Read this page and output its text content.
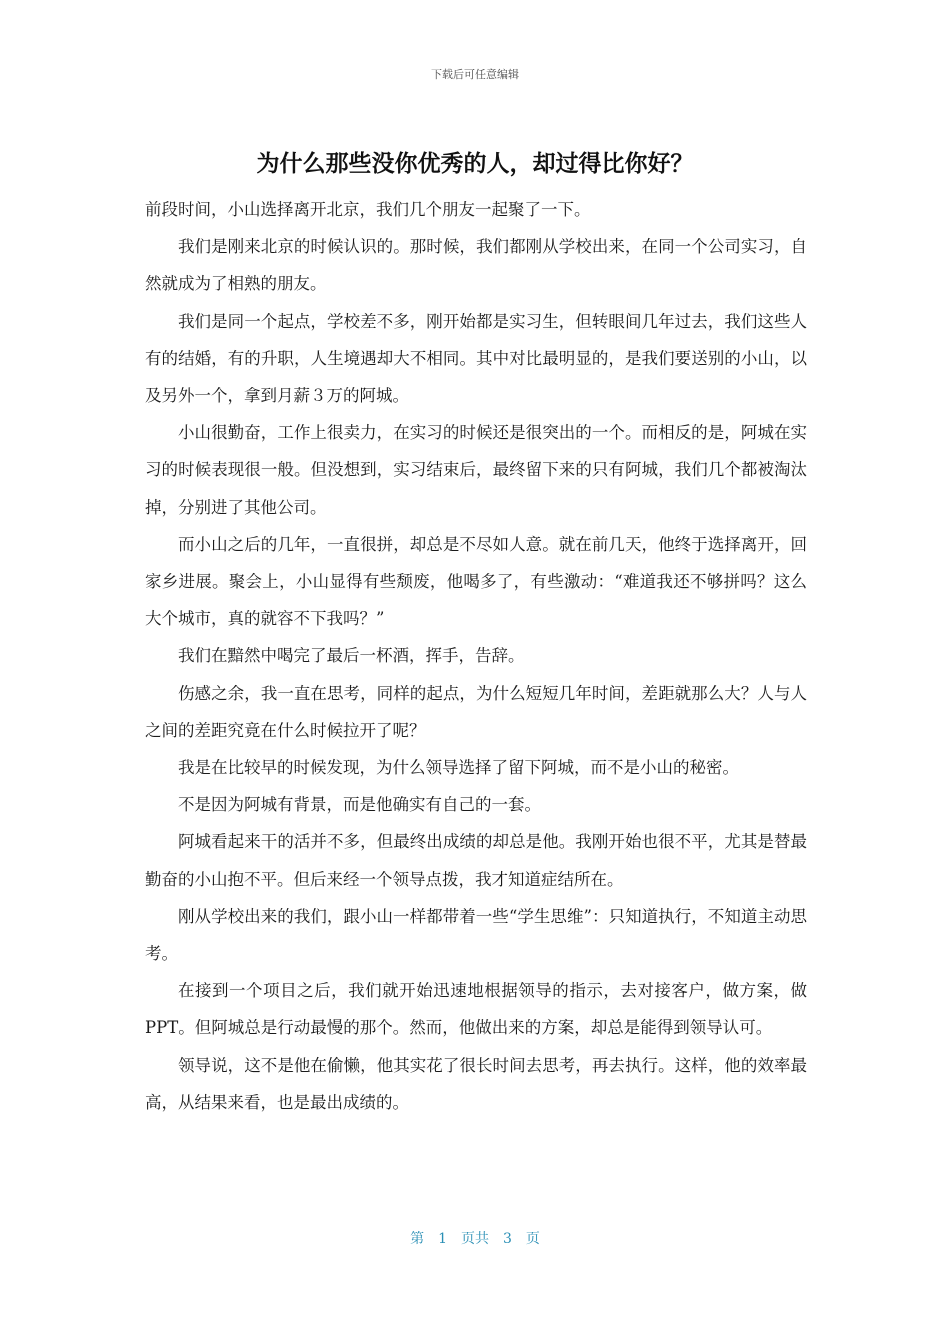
下载后可任意编辑
为什么那些没你优秀的人，却过得比你好？

前段时间，小山选择离开北京，我们几个朋友一起聚了一下。

我们是刚来北京的时候认识的。那时候，我们都刚从学校出来，在同一个公司实习，自然就成为了相熟的朋友。

我们是同一个起点，学校差不多，刚开始都是实习生，但转眼间几年过去，我们这些人有的结婚，有的升职，人生境遇却大不相同。其中对比最明显的，是我们要送别的小山，以及另外一个，拿到月薪３万的阿城。

小山很勤奋，工作上很卖力，在实习的时候还是很突出的一个。而相反的是，阿城在实习的时候表现很一般。但没想到，实习结束后，最终留下来的只有阿城，我们几个都被淘汰掉，分别进了其他公司。

而小山之后的几年，一直很拼，却总是不尽如人意。就在前几天，他终于选择离开，回家乡进展。聚会上，小山显得有些颓废，他喝多了，有些激动：“难道我还不够拼吗？这么大个城市，真的就容不下我吗？”

我们在黯然中喝完了最后一杯酒，挥手，告辞。

伤感之余，我一直在思考，同样的起点，为什么短短几年时间，差距就那么大？人与人之间的差距究竟在什么时候拉开了呢？

我是在比较早的时候发现，为什么领导选择了留下阿城，而不是小山的秘密。

不是因为阿城有背景，而是他确实有自己的一套。

阿城看起来干的活并不多，但最终出成绩的却总是他。我刚开始也很不平，尤其是替最勤奋的小山抱不平。但后来经一个领导点拨，我才知道症结所在。

刚从学校出来的我们，跟小山一样都带着一些“学生思维”：只知道执行，不知道主动思考。

在接到一个项目之后，我们就开始迅速地根据领导的指示，去对接客户，做方案，做 PPT。但阿城总是行动最慢的那个。然而，他做出来的方案，却总是能得到领导认可。

领导说，这不是他在偷懒，他其实花了很长时间去思考，再去执行。这样，他的效率最高，从结果来看，也是最出成绩的。

第 1 页共 3 页
